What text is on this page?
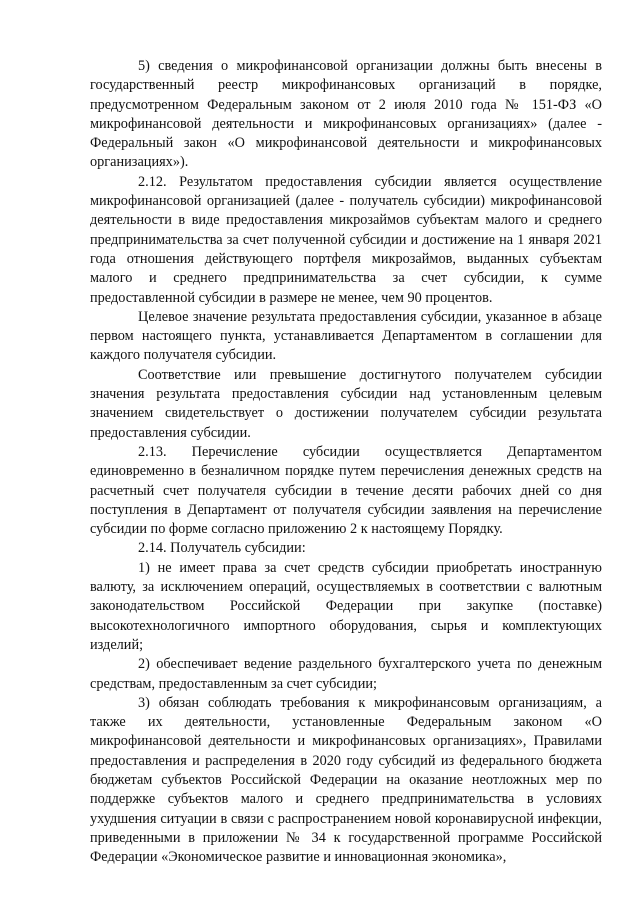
5) сведения о микрофинансовой организации должны быть внесены в государственный реестр микрофинансовых организаций в порядке, предусмотренном Федеральным законом от 2 июля 2010 года № 151-ФЗ «О микрофинансовой деятельности и микрофинансовых организациях» (далее - Федеральный закон «О микрофинансовой деятельности и микрофинансовых организациях»).

2.12. Результатом предоставления субсидии является осуществление микрофинансовой организацией (далее - получатель субсидии) микрофинансовой деятельности в виде предоставления микрозаймов субъектам малого и среднего предпринимательства за счет полученной субсидии и достижение на 1 января 2021 года отношения действующего портфеля микрозаймов, выданных субъектам малого и среднего предпринимательства за счет субсидии, к сумме предоставленной субсидии в размере не менее, чем 90 процентов.

Целевое значение результата предоставления субсидии, указанное в абзаце первом настоящего пункта, устанавливается Департаментом в соглашении для каждого получателя субсидии.

Соответствие или превышение достигнутого получателем субсидии значения результата предоставления субсидии над установленным целевым значением свидетельствует о достижении получателем субсидии результата предоставления субсидии.

2.13. Перечисление субсидии осуществляется Департаментом единовременно в безналичном порядке путем перечисления денежных средств на расчетный счет получателя субсидии в течение десяти рабочих дней со дня поступления в Департамент от получателя субсидии заявления на перечисление субсидии по форме согласно приложению 2 к настоящему Порядку.

2.14. Получатель субсидии:

1) не имеет права за счет средств субсидии приобретать иностранную валюту, за исключением операций, осуществляемых в соответствии с валютным законодательством Российской Федерации при закупке (поставке) высокотехнологичного импортного оборудования, сырья и комплектующих изделий;

2) обеспечивает ведение раздельного бухгалтерского учета по денежным средствам, предоставленным за счет субсидии;

3) обязан соблюдать требования к микрофинансовым организациям, а также их деятельности, установленные Федеральным законом «О микрофинансовой деятельности и микрофинансовых организациях», Правилами предоставления и распределения в 2020 году субсидий из федерального бюджета бюджетам субъектов Российской Федерации на оказание неотложных мер по поддержке субъектов малого и среднего предпринимательства в условиях ухудшения ситуации в связи с распространением новой коронавирусной инфекции, приведенными в приложении № 34 к государственной программе Российской Федерации «Экономическое развитие и инновационная экономика»,
